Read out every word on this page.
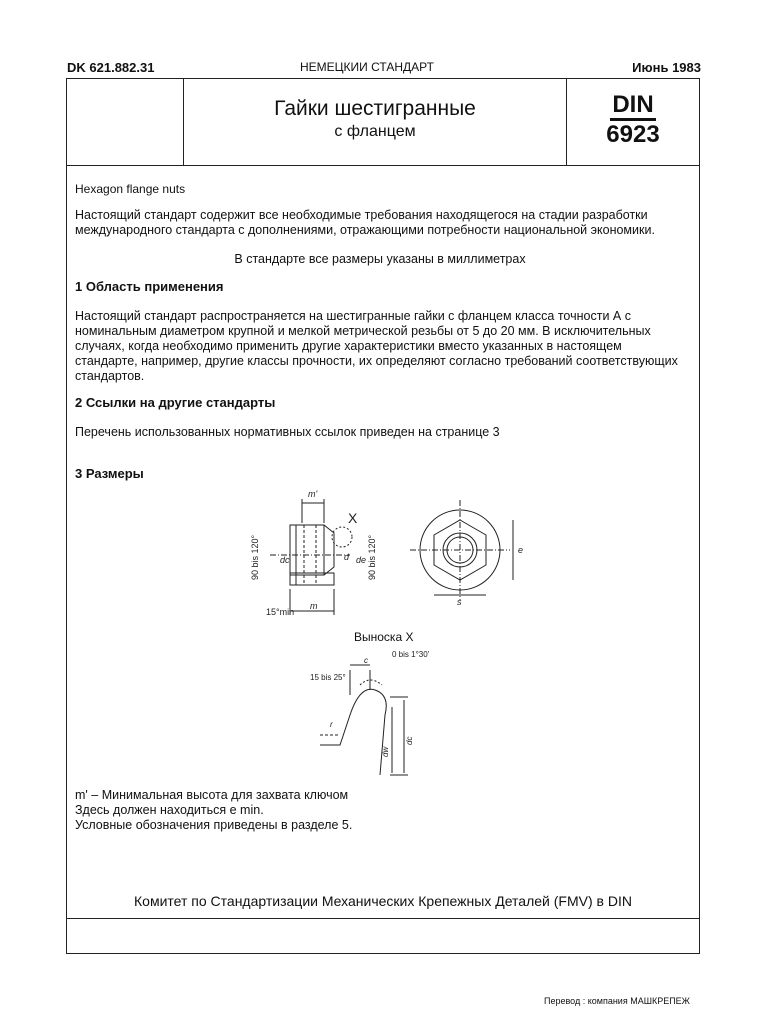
DK 621.882.31	НЕМЕЦКИИ СТАНДАРТ	Июнь 1983
Гайки шестигранные
с фланцем
DIN
6923
Hexagon flange nuts
Настоящий стандарт содержит все необходимые требования находящегося на стадии разработки международного стандарта с дополнениями, отражающими потребности национальной экономики.
В стандарте все размеры указаны в миллиметрах
1 Область применения
Настоящий стандарт распространяется на шестигранные гайки с фланцем класса точности А с номинальным диаметром крупной и мелкой метрической резьбы от 5 до 20 мм. В исключительных случаях, когда необходимо применить другие характеристики вместо указанных в настоящем стандарте, например, другие классы прочности, их определяют согласно требований соответствующих стандартов.
2 Ссылки на другие стандарты
Перечень использованных нормативных ссылок приведен на странице 3
3 Размеры
m'
X
90 bis 120°	90 bis 120°
d de
dc
15°min
m	s
e
Выноска X
0 bis 1°30'
c
15 bis 25°
r
dw
dc
m' – Минимальная высота для захвата ключом
Здесь должен находиться e min.
Условные обозначения приведены в разделе 5.
Комитет по Стандартизации Механических Крепежных Деталей (FMV) в DIN
Перевод : компания МАШКРЕПЕЖ
